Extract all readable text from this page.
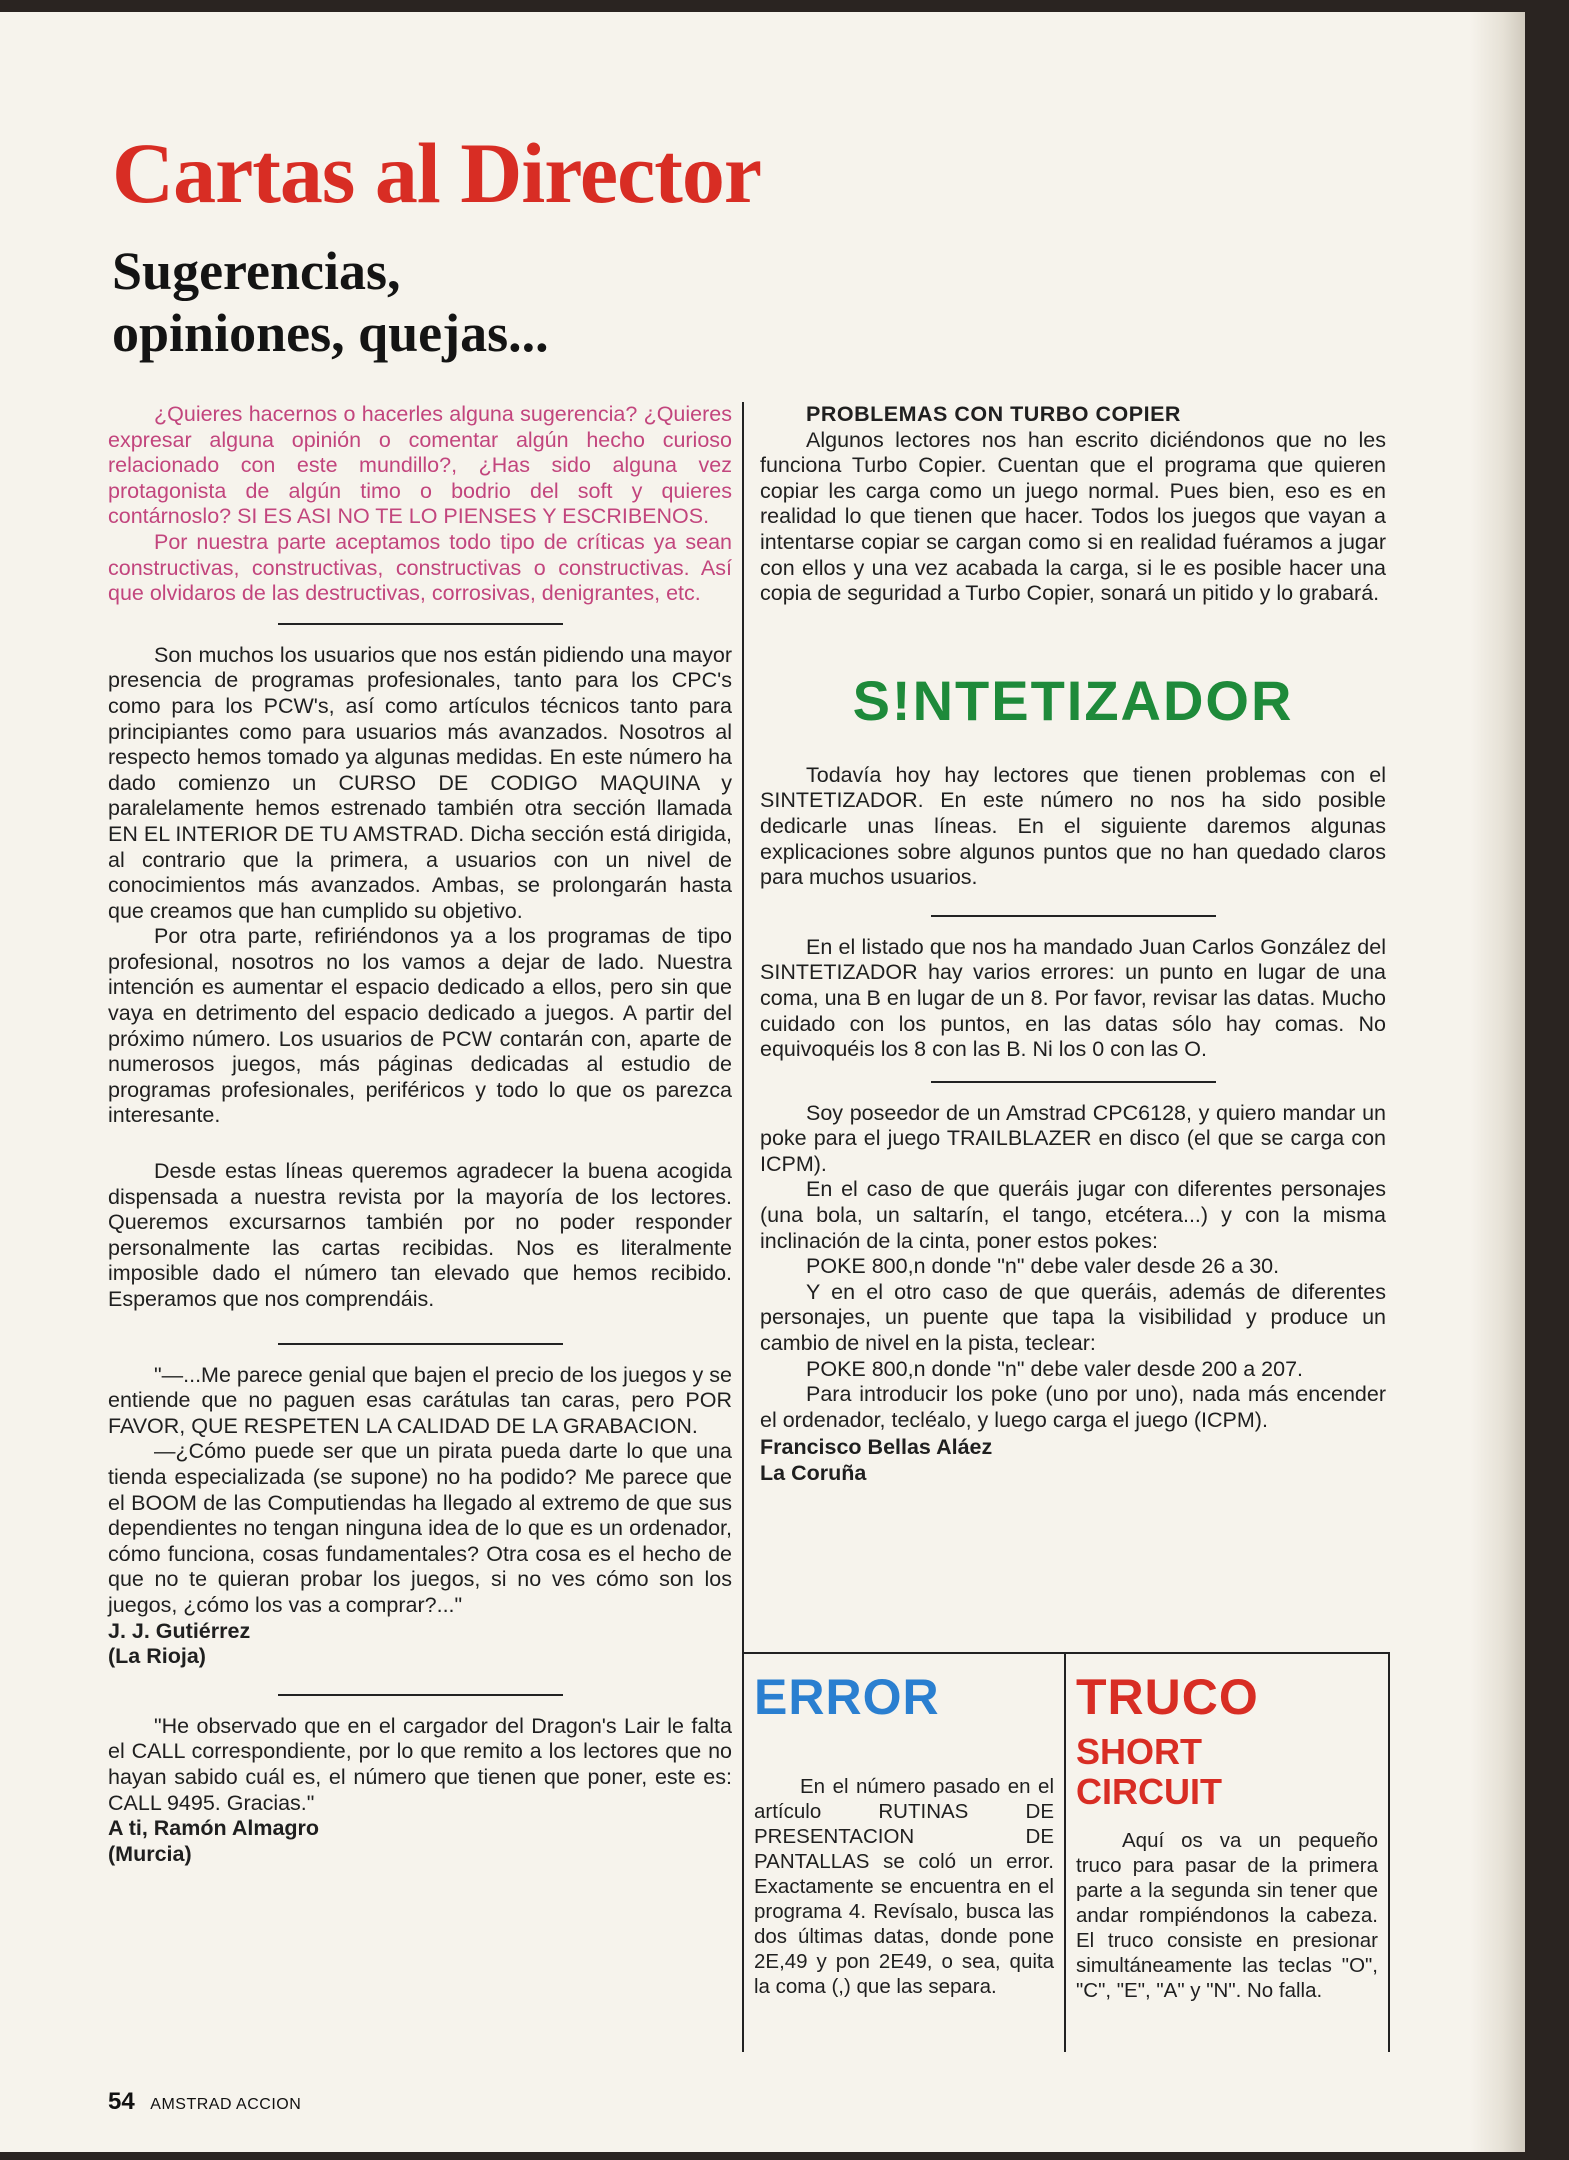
Cartas al Director
Sugerencias,
opiniones, quejas...

¿Quieres hacernos o hacerles alguna sugerencia? ¿Quieres expresar alguna opinión o comentar algún hecho curioso relacionado con este mundillo?, ¿Has sido alguna vez protagonista de algún timo o bodrio del soft y quieres contárnoslo? SI ES ASI NO TE LO PIENSES Y ESCRIBENOS.

Por nuestra parte aceptamos todo tipo de críticas ya sean constructivas, constructivas, constructivas o constructivas. Así que olvidaros de las destructivas, corrosivas, denigrantes, etc.

Son muchos los usuarios que nos están pidiendo una mayor presencia de programas profesionales, tanto para los CPC's como para los PCW's, así como artículos técnicos tanto para principiantes como para usuarios más avanzados. Nosotros al respecto hemos tomado ya algunas medidas. En este número ha dado comienzo un CURSO DE CODIGO MAQUINA y paralelamente hemos estrenado también otra sección llamada EN EL INTERIOR DE TU AMSTRAD. Dicha sección está dirigida, al contrario que la primera, a usuarios con un nivel de conocimientos más avanzados. Ambas, se prolongarán hasta que creamos que han cumplido su objetivo.

Por otra parte, refiriéndonos ya a los programas de tipo profesional, nosotros no los vamos a dejar de lado. Nuestra intención es aumentar el espacio dedicado a ellos, pero sin que vaya en detrimento del espacio dedicado a juegos. A partir del próximo número. Los usuarios de PCW contarán con, aparte de numerosos juegos, más páginas dedicadas al estudio de programas profesionales, periféricos y todo lo que os parezca interesante.

Desde estas líneas queremos agradecer la buena acogida dispensada a nuestra revista por la mayoría de los lectores. Queremos excursarnos también por no poder responder personalmente las cartas recibidas. Nos es literalmente imposible dado el número tan elevado que hemos recibido. Esperamos que nos comprendáis.

"—...Me parece genial que bajen el precio de los juegos y se entiende que no paguen esas carátulas tan caras, pero POR FAVOR, QUE RESPETEN LA CALIDAD DE LA GRABACION.

—¿Cómo puede ser que un pirata pueda darte lo que una tienda especializada (se supone) no ha podido? Me parece que el BOOM de las Computiendas ha llegado al extremo de que sus dependientes no tengan ninguna idea de lo que es un ordenador, cómo funciona, cosas fundamentales? Otra cosa es el hecho de que no te quieran probar los juegos, si no ves cómo son los juegos, ¿cómo los vas a comprar?..."

J. J. Gutiérrez
(La Rioja)

"He observado que en el cargador del Dragon's Lair le falta el CALL correspondiente, por lo que remito a los lectores que no hayan sabido cuál es, el número que tienen que poner, este es: CALL 9495. Gracias."

A ti, Ramón Almagro
(Murcia)

PROBLEMAS CON TURBO COPIER

Algunos lectores nos han escrito diciéndonos que no les funciona Turbo Copier. Cuentan que el programa que quieren copiar les carga como un juego normal. Pues bien, eso es en realidad lo que tienen que hacer. Todos los juegos que vayan a intentarse copiar se cargan como si en realidad fuéramos a jugar con ellos y una vez acabada la carga, si le es posible hacer una copia de seguridad a Turbo Copier, sonará un pitido y lo grabará.

S!NTETIZADOR

Todavía hoy hay lectores que tienen problemas con el SINTETIZADOR. En este número no nos ha sido posible dedicarle unas líneas. En el siguiente daremos algunas explicaciones sobre algunos puntos que no han quedado claros para muchos usuarios.

En el listado que nos ha mandado Juan Carlos González del SINTETIZADOR hay varios errores: un punto en lugar de una coma, una B en lugar de un 8. Por favor, revisar las datas. Mucho cuidado con los puntos, en las datas sólo hay comas. No equivoquéis los 8 con las B. Ni los 0 con las O.

Soy poseedor de un Amstrad CPC6128, y quiero mandar un poke para el juego TRAILBLAZER en disco (el que se carga con ICPM).

En el caso de que queráis jugar con diferentes personajes (una bola, un saltarín, el tango, etcétera...) y con la misma inclinación de la cinta, poner estos pokes:

POKE 800,n donde "n" debe valer desde 26 a 30.

Y en el otro caso de que queráis, además de diferentes personajes, un puente que tapa la visibilidad y produce un cambio de nivel en la pista, teclear:

POKE 800,n donde "n" debe valer desde 200 a 207.

Para introducir los poke (uno por uno), nada más encender el ordenador, tecléalo, y luego carga el juego (ICPM).

Francisco Bellas Aláez
La Coruña

ERROR

En el número pasado en el artículo RUTINAS DE PRESENTACION DE PANTALLAS se coló un error. Exactamente se encuentra en el programa 4. Revísalo, busca las dos últimas datas, donde pone 2E,49 y pon 2E49, o sea, quita la coma (,) que las separa.

TRUCO
SHORT
CIRCUIT

Aquí os va un pequeño truco para pasar de la primera parte a la segunda sin tener que andar rompiéndonos la cabeza. El truco consiste en presionar simultáneamente las teclas "O", "C", "E", "A" y "N". No falla.

54 AMSTRAD ACCION
